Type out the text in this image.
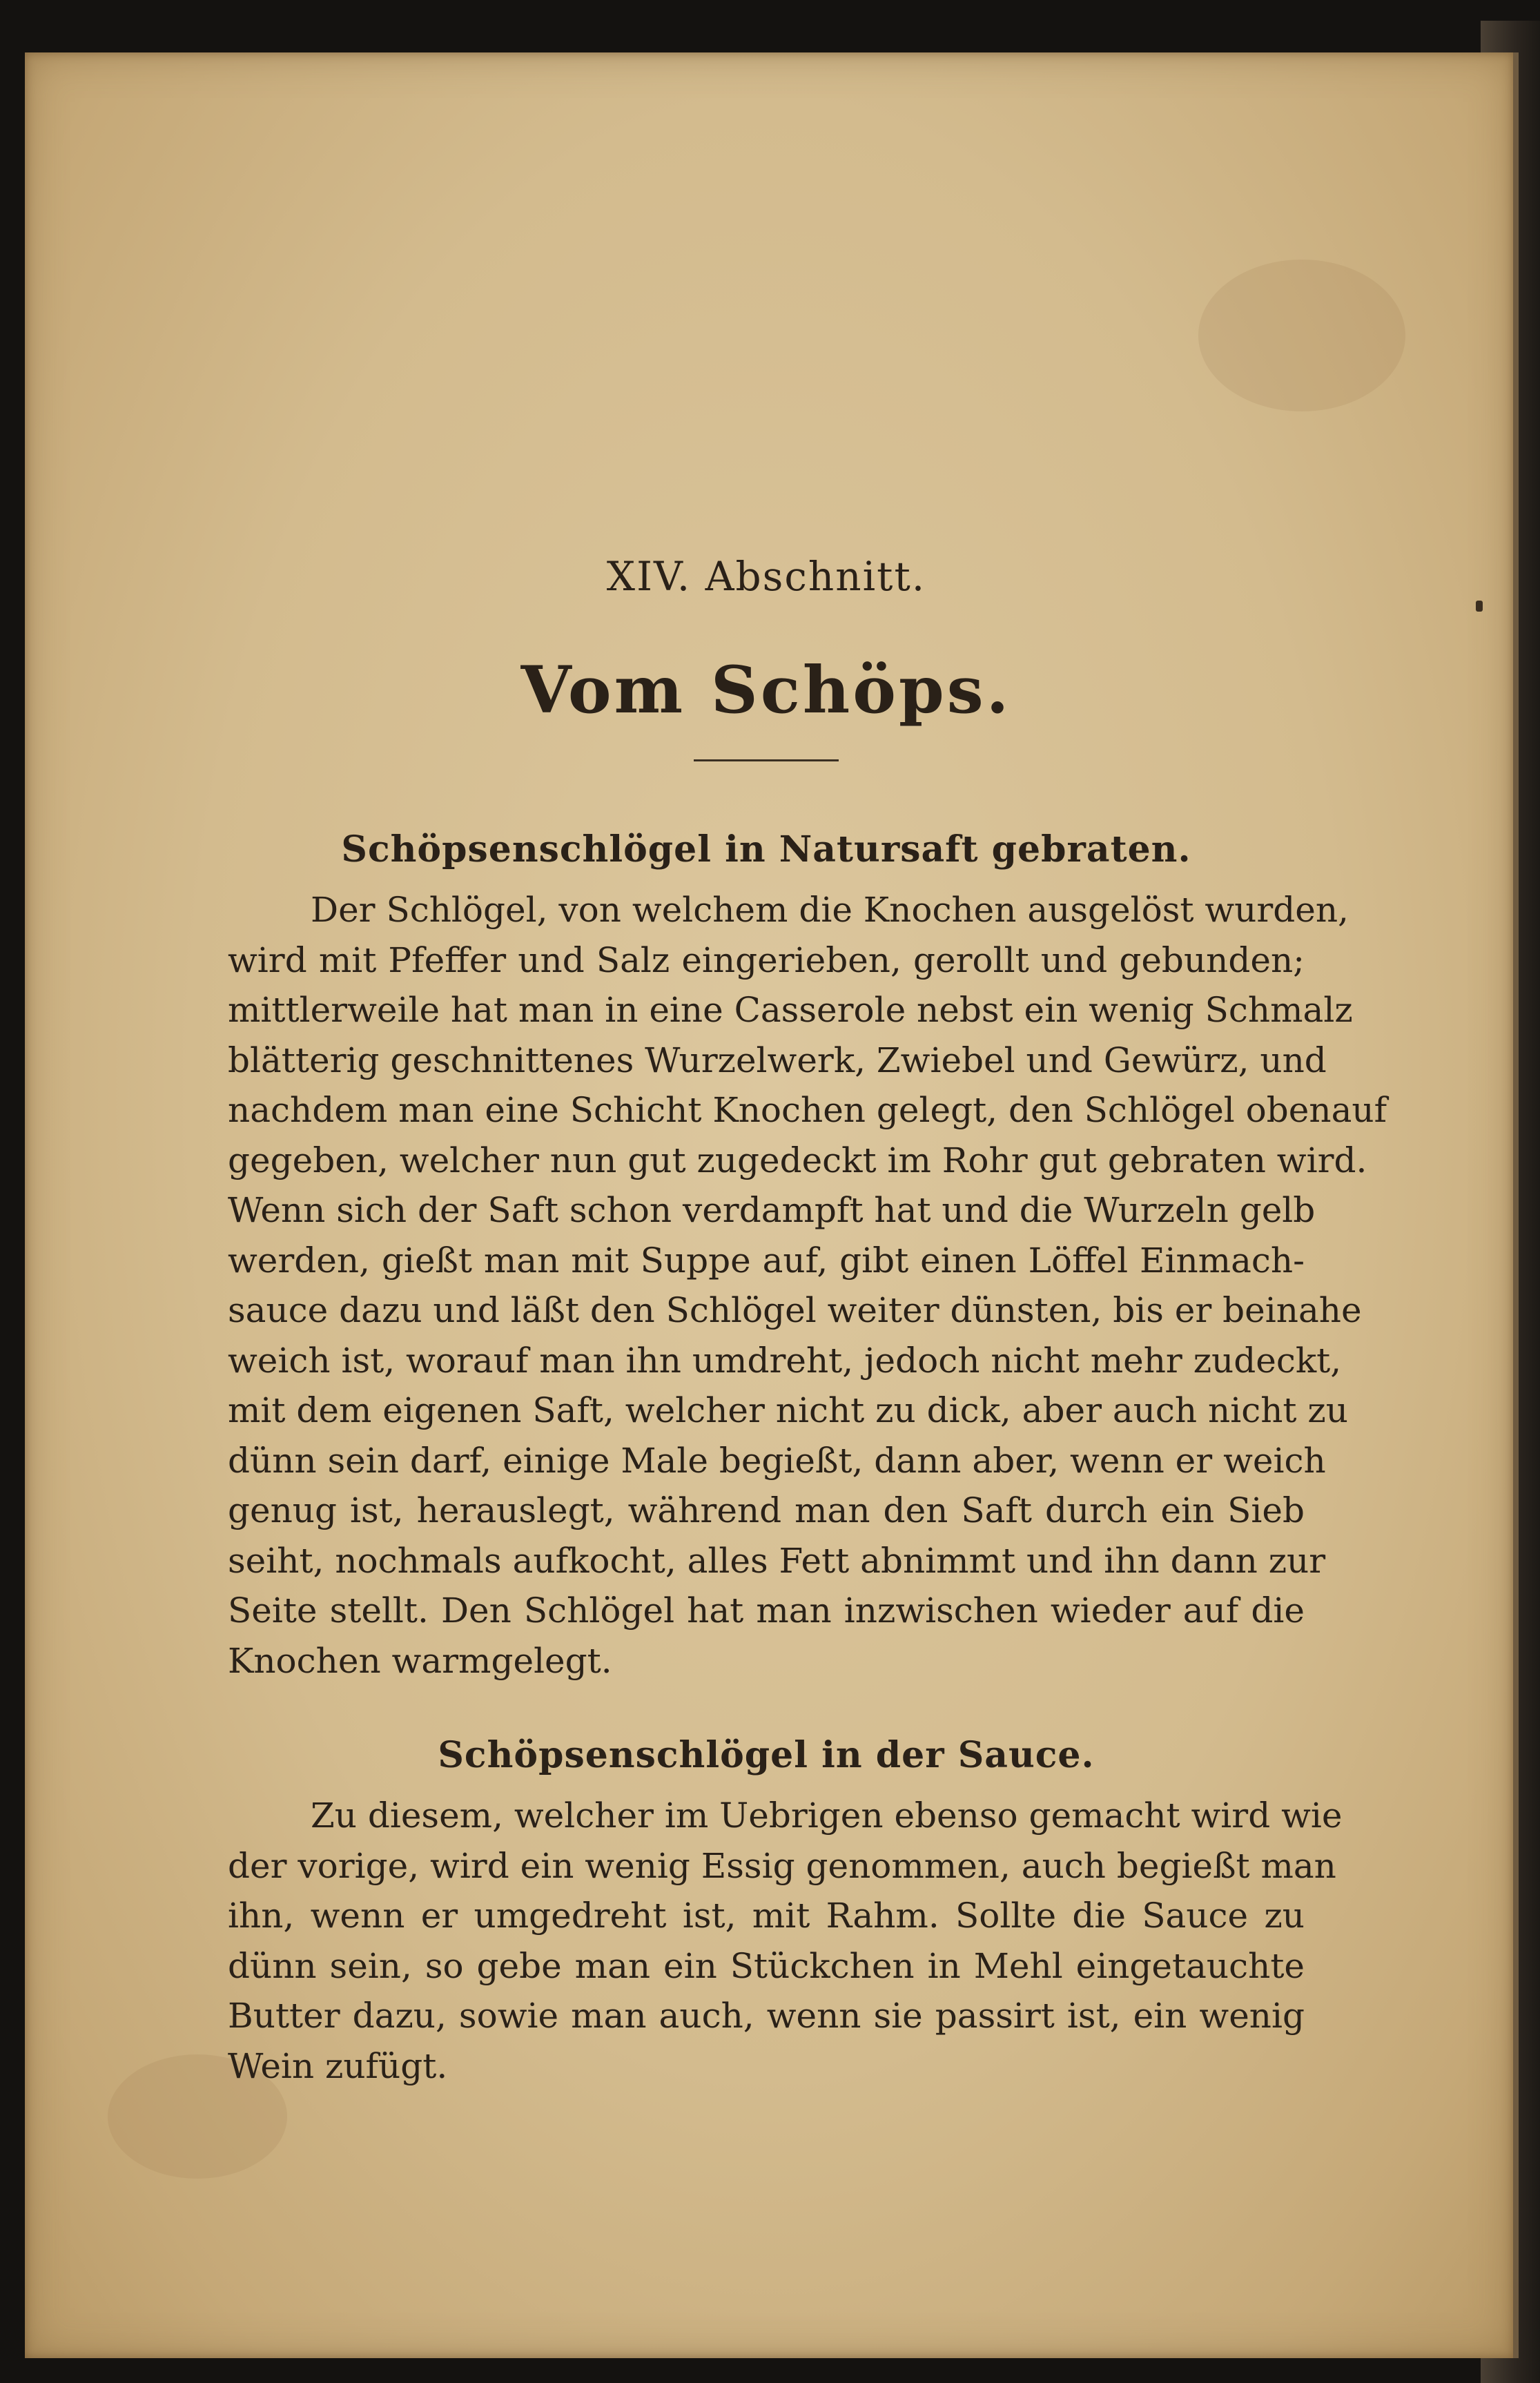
XIV. Abschnitt.
Vom Schöps.
Schöpsenschlögel in Natursaft gebraten.

Der Schlögel, von welchem die Knochen ausgelöst wurden,
wird mit Pfeffer und Salz eingerieben, gerollt und gebunden;
mittlerweile hat man in eine Casserole nebst ein wenig Schmalz
blätterig geschnittenes Wurzelwerk, Zwiebel und Gewürz, und
nachdem man eine Schicht Knochen gelegt, den Schlögel obenauf
gegeben, welcher nun gut zugedeckt im Rohr gut gebraten wird.
Wenn sich der Saft schon verdampft hat und die Wurzeln gelb
werden, gießt man mit Suppe auf, gibt einen Löffel Einmach-
sauce dazu und läßt den Schlögel weiter dünsten, bis er beinahe
weich ist, worauf man ihn umdreht, jedoch nicht mehr zudeckt,
mit dem eigenen Saft, welcher nicht zu dick, aber auch nicht zu
dünn sein darf, einige Male begießt, dann aber, wenn er weich
genug ist, herauslegt, während man den Saft durch ein Sieb
seiht, nochmals aufkocht, alles Fett abnimmt und ihn dann zur
Seite stellt. Den Schlögel hat man inzwischen wieder auf die
Knochen warmgelegt.

Schöpsenschlögel in der Sauce.

Zu diesem, welcher im Uebrigen ebenso gemacht wird wie
der vorige, wird ein wenig Essig genommen, auch begießt man
ihn, wenn er umgedreht ist, mit Rahm. Sollte die Sauce zu
dünn sein, so gebe man ein Stückchen in Mehl eingetauchte
Butter dazu, sowie man auch, wenn sie passirt ist, ein wenig
Wein zufügt.
